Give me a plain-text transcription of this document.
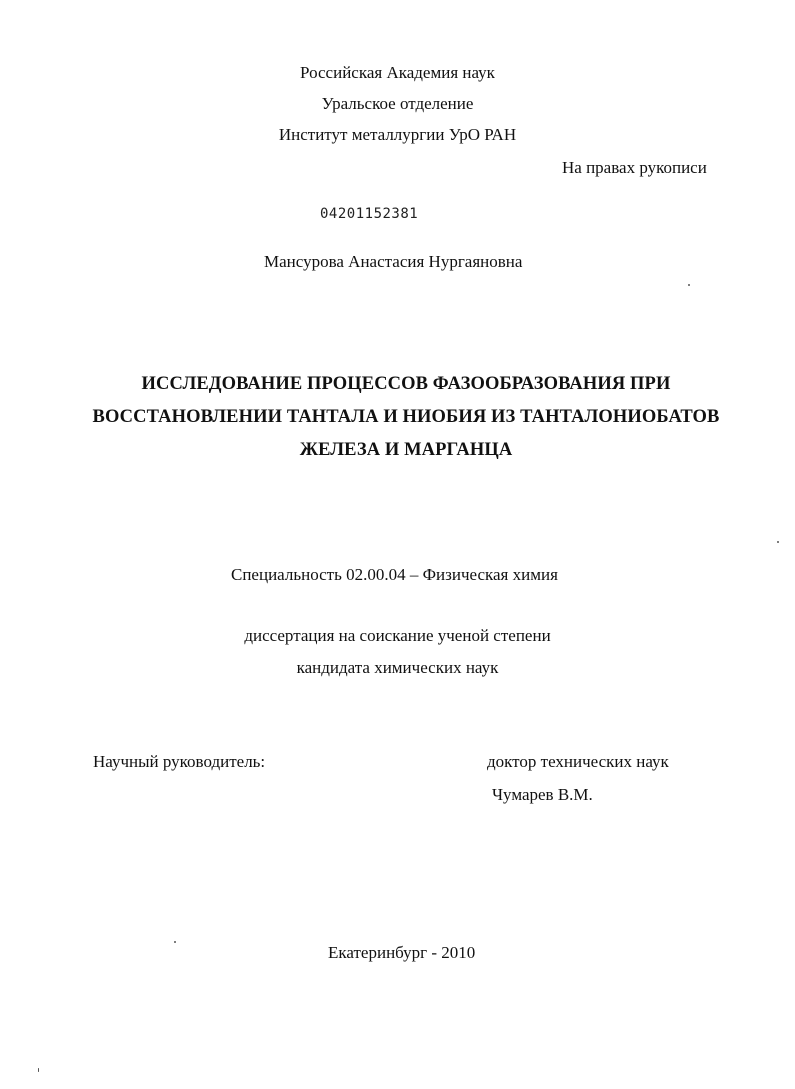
Российская Академия наук
Уральское отделение
Институт металлургии УрО РАН
На правах рукописи
04201152381
Мансурова Анастасия Нургаяновна
ИССЛЕДОВАНИЕ ПРОЦЕССОВ ФАЗООБРАЗОВАНИЯ ПРИ
ВОССТАНОВЛЕНИИ ТАНТАЛА И НИОБИЯ ИЗ ТАНТАЛОНИОБАТОВ
ЖЕЛЕЗА И МАРГАНЦА
Специальность 02.00.04 – Физическая химия
диссертация на соискание ученой степени
кандидата химических наук
Научный руководитель:	доктор технических наук
Чумарев В.М.
Екатеринбург - 2010
